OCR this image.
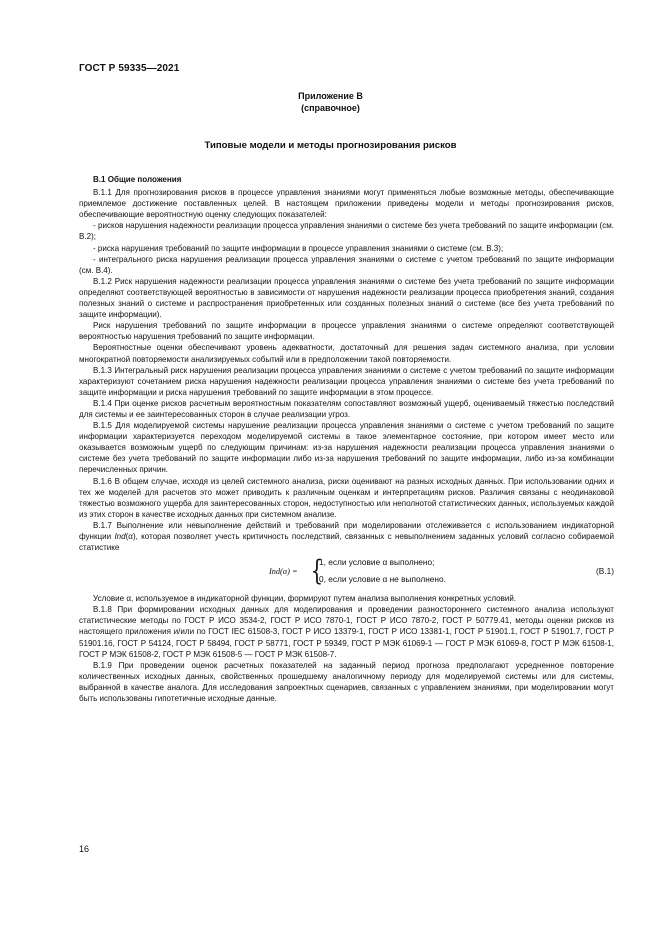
ГОСТ Р 59335—2021
Приложение В
(справочное)
Типовые модели и методы прогнозирования рисков
В.1 Общие положения

В.1.1 Для прогнозирования рисков в процессе управления знаниями могут применяться любые возможные методы, обеспечивающие приемлемое достижение поставленных целей. В настоящем приложении приведены модели и методы прогнозирования рисков, обеспечивающие вероятностную оценку следующих показателей:

- рисков нарушения надежности реализации процесса управления знаниями о системе без учета требований по защите информации (см. В.2);

- риска нарушения требований по защите информации в процессе управления знаниями о системе (см. В.3);

- интегрального риска нарушения реализации процесса управления знаниями о системе с учетом требований по защите информации (см. В.4).

В.1.2 Риск нарушения надежности реализации процесса управления знаниями о системе без учета требований по защите информации определяют соответствующей вероятностью в зависимости от нарушения надежности реализации процесса приобретения знаний, создания полезных знаний о системе и распространения приобретенных или созданных полезных знаний о системе (все без учета требований по защите информации).

Риск нарушения требований по защите информации в процессе управления знаниями о системе определяют соответствующей вероятностью нарушения требований по защите информации.

Вероятностные оценки обеспечивают уровень адекватности, достаточный для решения задач системного анализа, при условии многократной повторяемости анализируемых событий или в предположении такой повторяемости.

В.1.3 Интегральный риск нарушения реализации процесса управления знаниями о системе с учетом требований по защите информации характеризуют сочетанием риска нарушения надежности реализации процесса управления знаниями о системе без учета требований по защите информации и риска нарушения требований по защите информации в этом процессе.

В.1.4 При оценке рисков расчетным вероятностным показателям сопоставляют возможный ущерб, оцениваемый тяжестью последствий для системы и ее заинтересованных сторон в случае реализации угроз.

В.1.5 Для моделируемой системы нарушение реализации процесса управления знаниями о системе с учетом требований по защите информации характеризуется переходом моделируемой системы в такое элементарное состояние, при котором имеет место или оказывается возможным ущерб по следующим причинам: из-за нарушения надежности реализации процесса управления знаниями о системе без учета требований по защите информации либо из-за нарушения требований по защите информации, либо из-за комбинации перечисленных причин.

В.1.6 В общем случае, исходя из целей системного анализа, риски оценивают на разных исходных данных. При использовании одних и тех же моделей для расчетов это может приводить к различным оценкам и интерпретациям рисков. Различия связаны с неодинаковой тяжестью возможного ущерба для заинтересованных сторон, недоступностью или неполнотой статистических данных, используемых каждой из этих сторон в качестве исходных данных при системном анализе.

В.1.7 Выполнение или невыполнение действий и требований при моделировании отслеживается с использованием индикаторной функции Ind(α), которая позволяет учесть критичность последствий, связанных с невыполнением заданных условий согласно собираемой статистике

Ind(α) = {
1, если условие α выполнено;
0, если условие α не выполнено.
(В.1)

Условие α, используемое в индикаторной функции, формируют путем анализа выполнения конкретных условий.

В.1.8 При формировании исходных данных для моделирования и проведении разностороннего системного анализа используют статистические методы по ГОСТ Р ИСО 3534-2, ГОСТ Р ИСО 7870-1, ГОСТ Р ИСО 7870-2, ГОСТ Р 50779.41, методы оценки рисков из настоящего приложения и/или по ГОСТ IEC 61508-3, ГОСТ Р ИСО 13379-1, ГОСТ Р ИСО 13381-1, ГОСТ Р 51901.1, ГОСТ Р 51901.7, ГОСТ Р 51901.16, ГОСТ Р 54124, ГОСТ Р 58494, ГОСТ Р 58771, ГОСТ Р 59349, ГОСТ Р МЭК 61069-1 — ГОСТ Р МЭК 61069-8, ГОСТ Р МЭК 61508-1, ГОСТ Р МЭК 61508-2, ГОСТ Р МЭК 61508-5 — ГОСТ Р МЭК 61508-7.

В.1.9 При проведении оценок расчетных показателей на заданный период прогноза предполагают усредненное повторение количественных исходных данных, свойственных прошедшему аналогичному периоду для моделируемой системы или для системы, выбранной в качестве аналога. Для исследования запроектных сценариев, связанных с управлением знаниями, при моделировании могут быть использованы гипотетичные исходные данные.

16
